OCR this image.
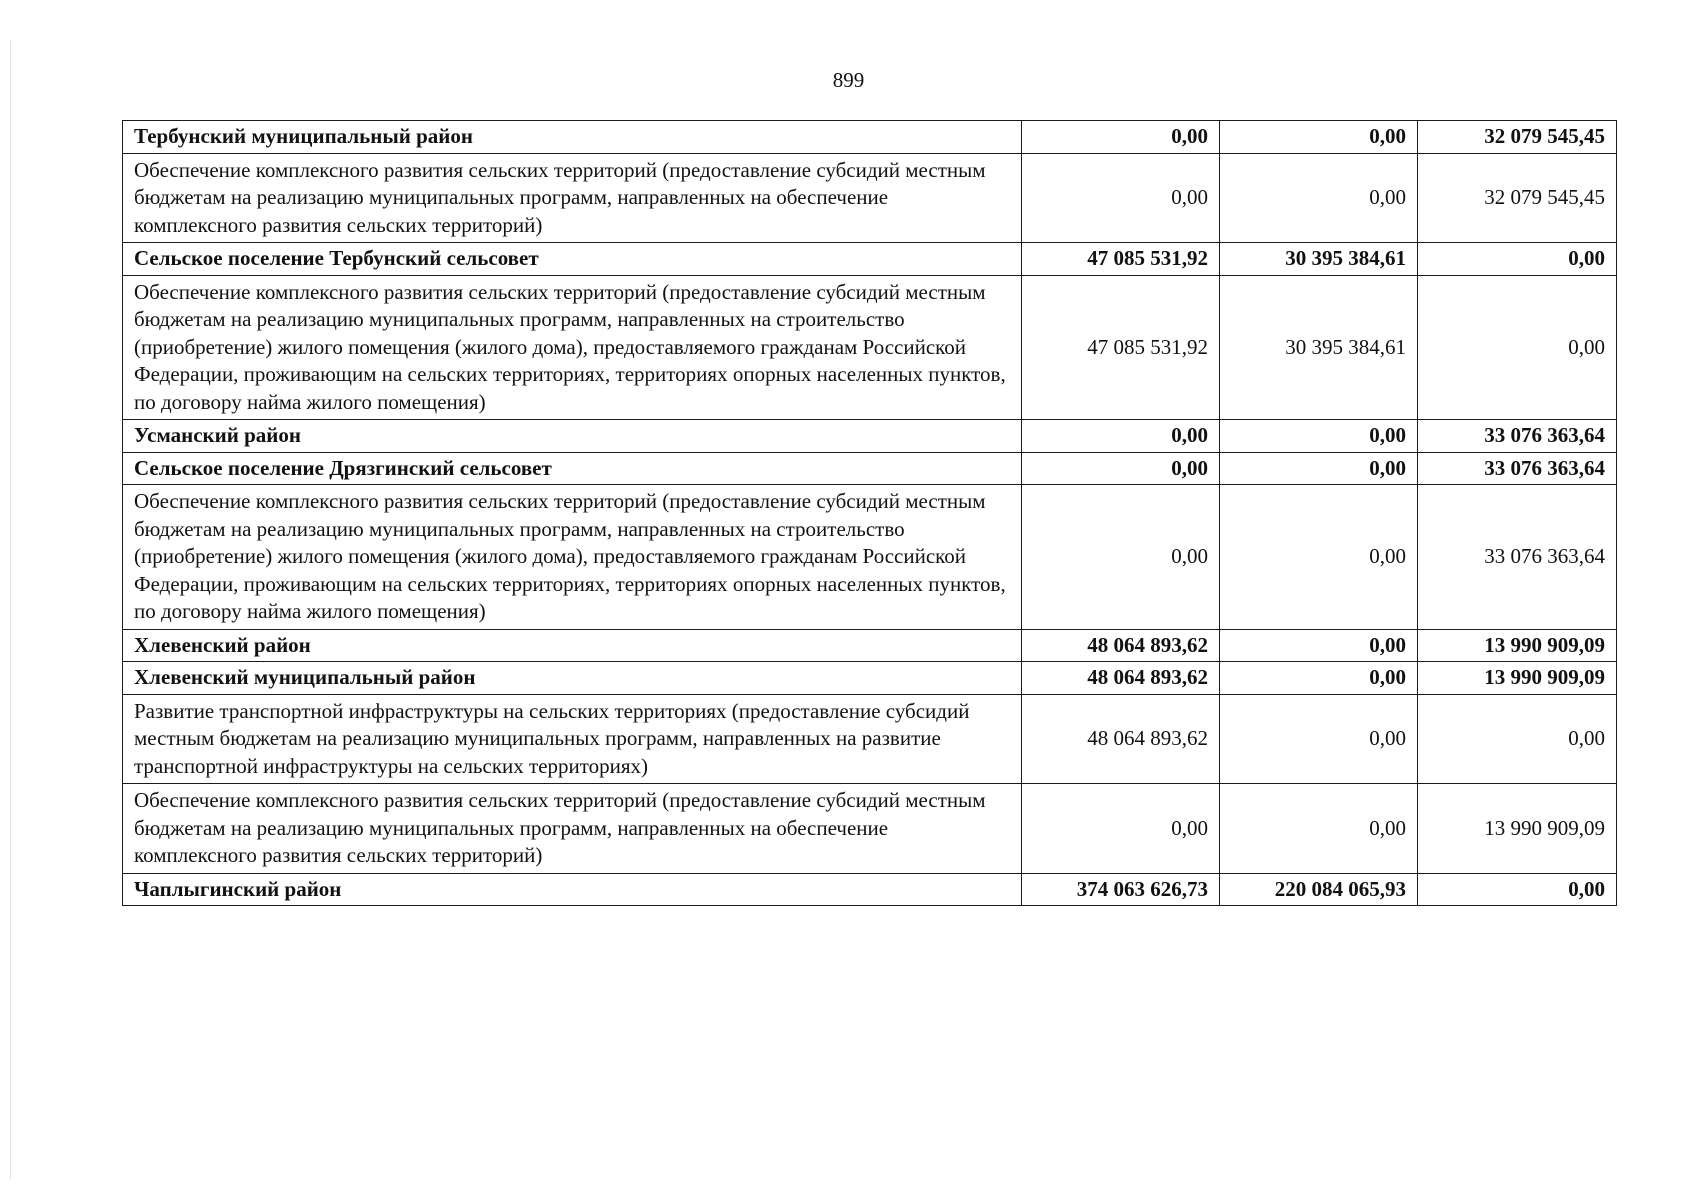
899
Тербунский муниципальный район	0,00	0,00	32 079 545,45
Обеспечение комплексного развития сельских территорий (предоставление субсидий местным бюджетам на реализацию муниципальных программ, направленных на обеспечение комплексного развития сельских территорий)	0,00	0,00	32 079 545,45
Сельское поселение Тербунский сельсовет	47 085 531,92	30 395 384,61	0,00
Обеспечение комплексного развития сельских территорий (предоставление субсидий местным бюджетам на реализацию муниципальных программ, направленных на строительство (приобретение) жилого помещения (жилого дома), предоставляемого гражданам Российской Федерации, проживающим на сельских территориях, территориях опорных населенных пунктов, по договору найма жилого помещения)	47 085 531,92	30 395 384,61	0,00
Усманский район	0,00	0,00	33 076 363,64
Сельское поселение Дрязгинский сельсовет	0,00	0,00	33 076 363,64
Обеспечение комплексного развития сельских территорий (предоставление субсидий местным бюджетам на реализацию муниципальных программ, направленных на строительство (приобретение) жилого помещения (жилого дома), предоставляемого гражданам Российской Федерации, проживающим на сельских территориях, территориях опорных населенных пунктов, по договору найма жилого помещения)	0,00	0,00	33 076 363,64
Хлевенский район	48 064 893,62	0,00	13 990 909,09
Хлевенский муниципальный район	48 064 893,62	0,00	13 990 909,09
Развитие транспортной инфраструктуры на сельских территориях (предоставление субсидий местным бюджетам на реализацию муниципальных программ, направленных на развитие транспортной инфраструктуры на сельских территориях)	48 064 893,62	0,00	0,00
Обеспечение комплексного развития сельских территорий (предоставление субсидий местным бюджетам на реализацию муниципальных программ, направленных на обеспечение комплексного развития сельских территорий)	0,00	0,00	13 990 909,09
Чаплыгинский район	374 063 626,73	220 084 065,93	0,00
